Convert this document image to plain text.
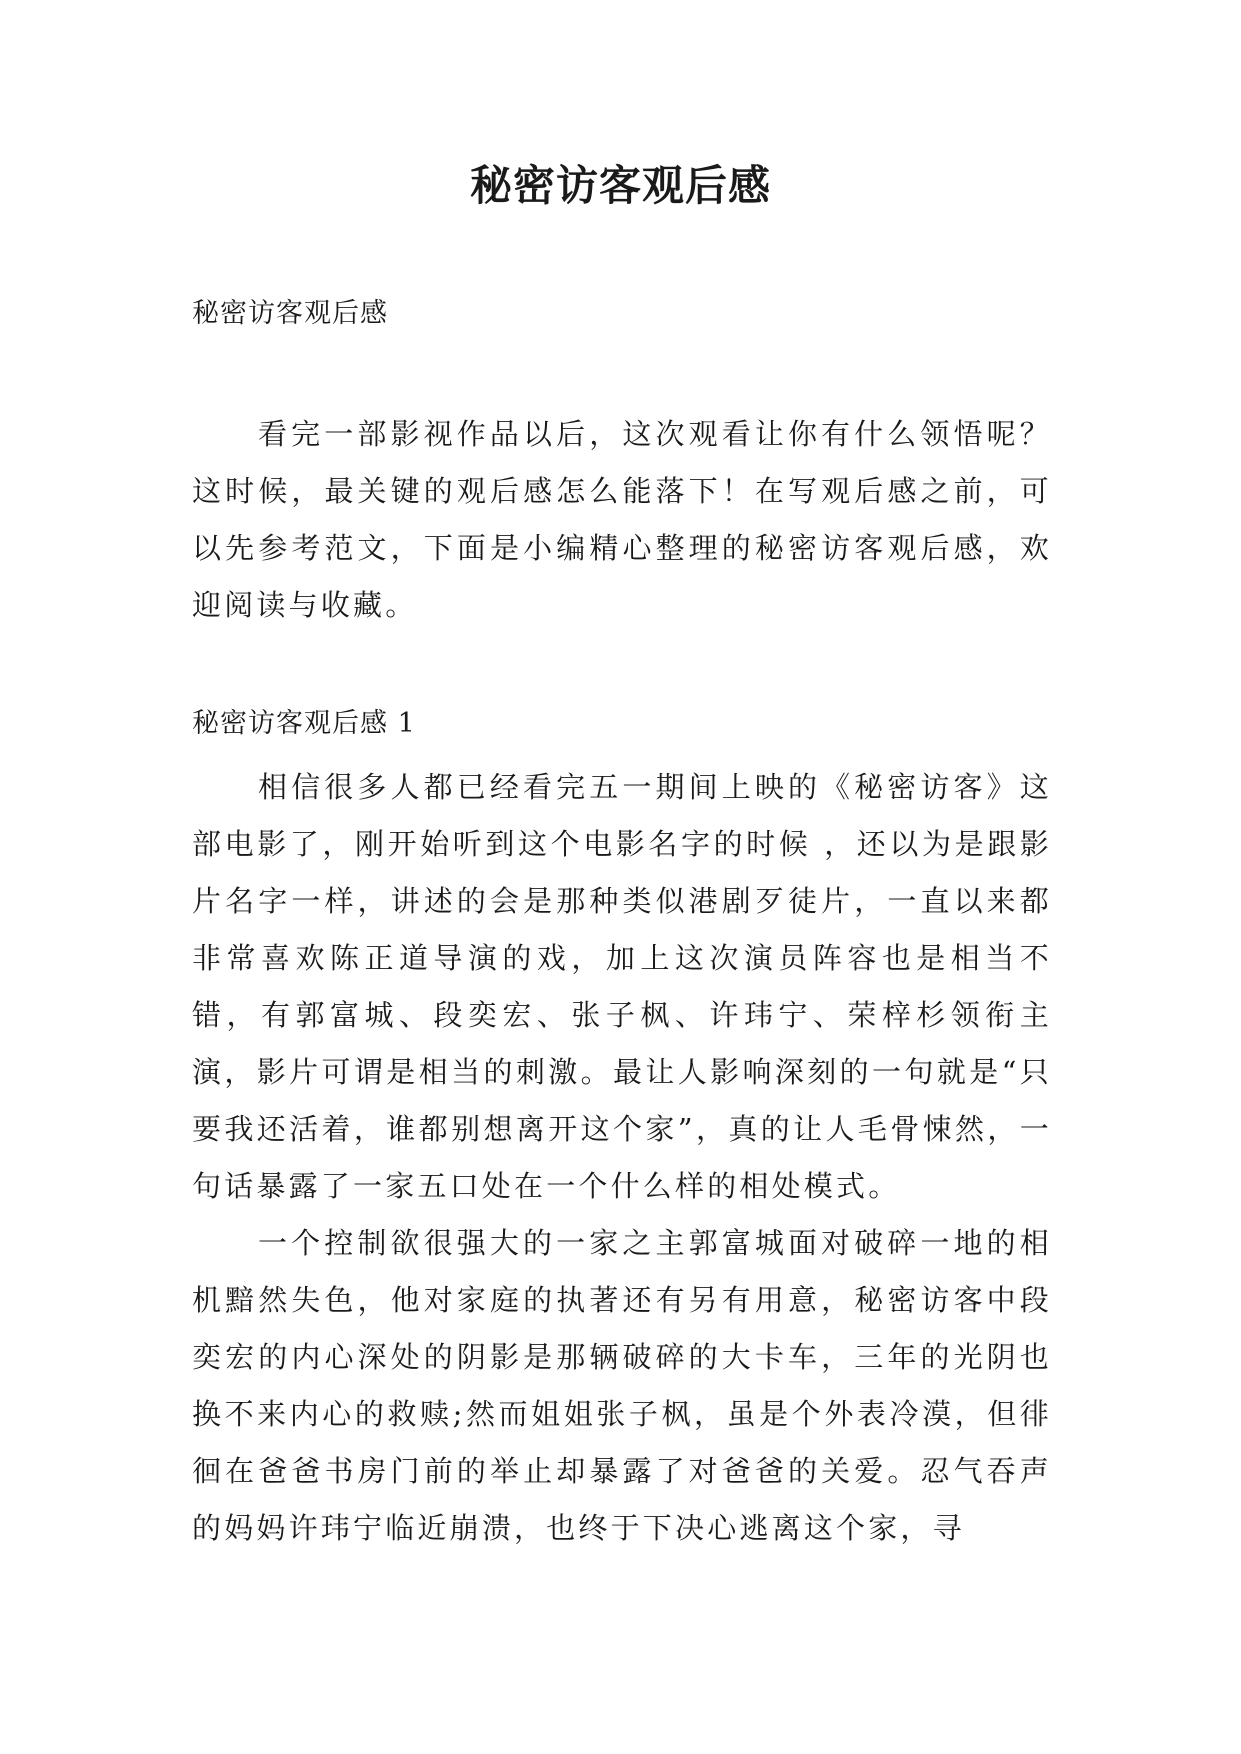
秘密访客观后感
秘密访客观后感

看完一部影视作品以后，这次观看让你有什么领悟呢？这时候，最关键的观后感怎么能落下！在写观后感之前，可以先参考范文，下面是小编精心整理的秘密访客观后感，欢迎阅读与收藏。

秘密访客观后感 1

相信很多人都已经看完五一期间上映的《秘密访客》这部电影了，刚开始听到这个电影名字的时候 ，还以为是跟影片名字一样，讲述的会是那种类似港剧歹徒片，一直以来都非常喜欢陈正道导演的戏，加上这次演员阵容也是相当不错，有郭富城、段奕宏、张子枫、许玮宁、荣梓杉领衔主演，影片可谓是相当的刺激。最让人影响深刻的一句就是“只要我还活着，谁都别想离开这个家”，真的让人毛骨悚然，一句话暴露了一家五口处在一个什么样的相处模式。

一个控制欲很强大的一家之主郭富城面对破碎一地的相机黯然失色，他对家庭的执著还有另有用意，秘密访客中段奕宏的内心深处的阴影是那辆破碎的大卡车，三年的光阴也换不来内心的救赎;然而姐姐张子枫，虽是个外表冷漠，但徘徊在爸爸书房门前的举止却暴露了对爸爸的关爱。忍气吞声的妈妈许玮宁临近崩溃，也终于下决心逃离这个家，寻
